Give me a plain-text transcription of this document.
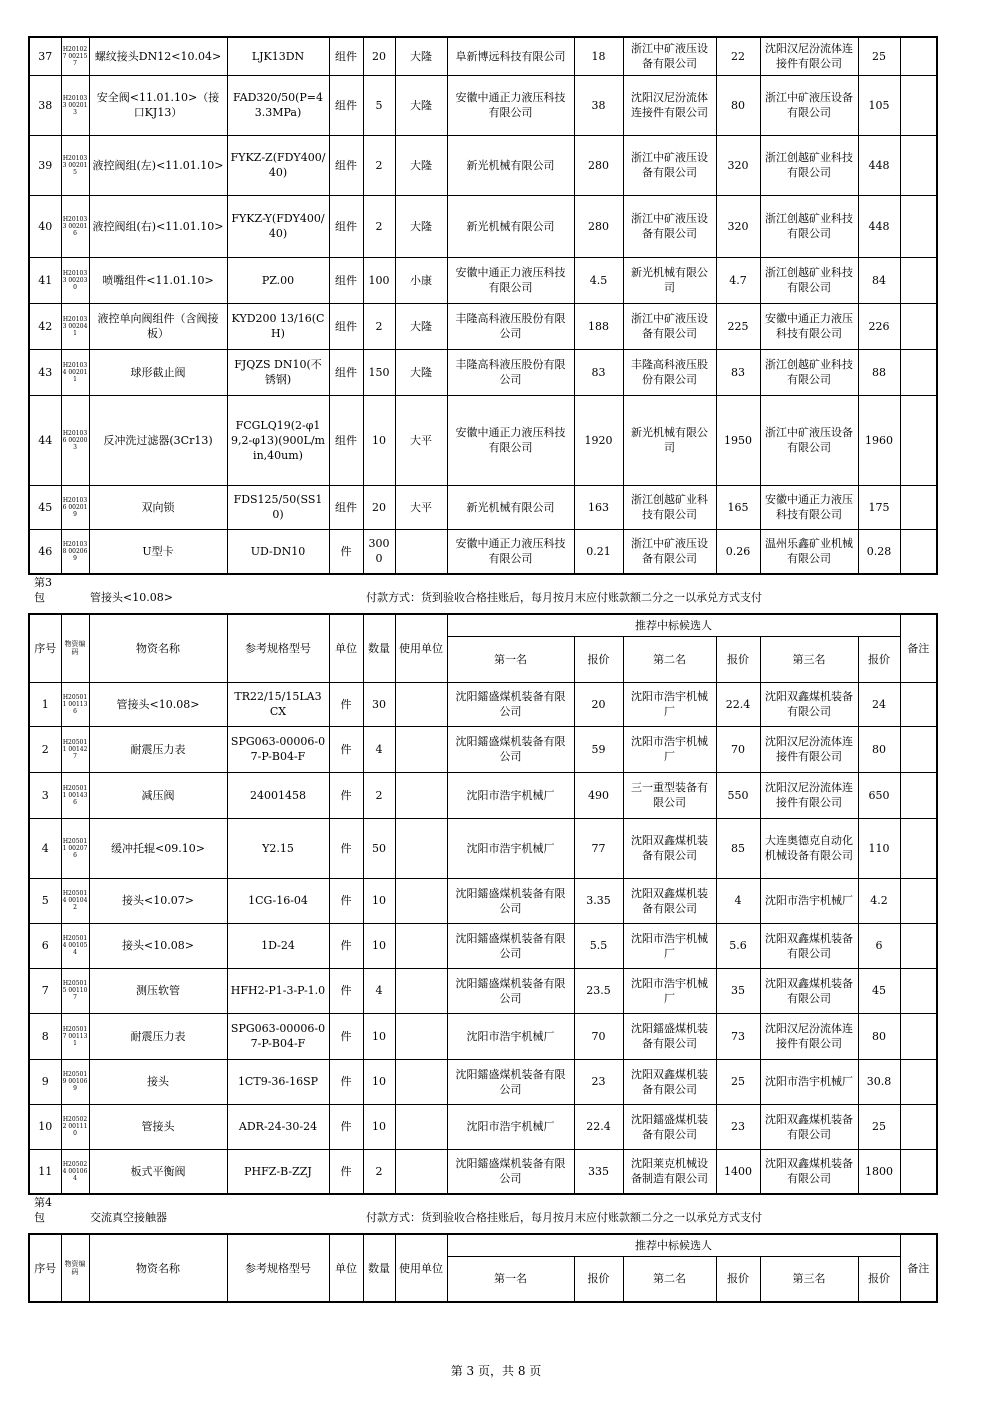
37	H201027 002157	螺纹接头DN12<10.04>	LJK13DN	组件	20	大隆	阜新博远科技有限公司	18	浙江中矿液压设备有限公司	22	沈阳汉尼汾流体连接件有限公司	25	
38	H201033 002013	安全阀<11.01.10>（接口KJ13）	FAD320/50(P=43.3MPa)	组件	5	大隆	安徽中通正力液压科技有限公司	38	沈阳汉尼汾流体连接件有限公司	80	浙江中矿液压设备有限公司	105	
39	H201033 002015	液控阀组(左)<11.01.10>	FYKZ-Z(FDY400/40)	组件	2	大隆	新光机械有限公司	280	浙江中矿液压设备有限公司	320	浙江创越矿业科技有限公司	448	
40	H201033 002016	液控阀组(右)<11.01.10>	FYKZ-Y(FDY400/40)	组件	2	大隆	新光机械有限公司	280	浙江中矿液压设备有限公司	320	浙江创越矿业科技有限公司	448	
41	H201033 002030	喷嘴组件<11.01.10>	PZ.00	组件	100	小康	安徽中通正力液压科技有限公司	4.5	新光机械有限公司	4.7	浙江创越矿业科技有限公司	84	
42	H201033 002041	液控单向阀组件（含阀接板）	KYD200 13/16(CH)	组件	2	大隆	丰隆高科液压股份有限公司	188	浙江中矿液压设备有限公司	225	安徽中通正力液压科技有限公司	226	
43	H201034 002011	球形截止阀	FJQZS DN10(不锈钢)	组件	150	大隆	丰隆高科液压股份有限公司	83	丰隆高科液压股份有限公司	83	浙江创越矿业科技有限公司	88	
44	H201036 002003	反冲洗过滤器(3Cr13)	FCGLQ19(2-φ19,2-φ13)(900L/min,40um)	组件	10	大平	安徽中通正力液压科技有限公司	1920	新光机械有限公司	1950	浙江中矿液压设备有限公司	1960	
45	H201036 002019	双向锁	FDS125/50(SS10)	组件	20	大平	新光机械有限公司	163	浙江创越矿业科技有限公司	165	安徽中通正力液压科技有限公司	175	
46	H201038 002069	U型卡	UD-DN10	件	3000		安徽中通正力液压科技有限公司	0.21	浙江中矿液压设备有限公司	0.26	温州乐鑫矿业机械有限公司	0.28	
第3包	管接头<10.08>	付款方式：货到验收合格挂账后，每月按月末应付账款额二分之一以承兑方式支付
序号	物资编码	物资名称	参考规格型号	单位	数量	使用单位	推荐中标候选人						备注
							第一名	报价	第二名	报价	第三名	报价	
1	H205011 001136	管接头<10.08>	TR22/15/15LA3CX	件	30		沈阳鐳盛煤机装备有限公司	20	沈阳市浩宇机械厂	22.4	沈阳双鑫煤机装备有限公司	24	
2	H205011 001427	耐震压力表	SPG063-00006-07-P-B04-F	件	4		沈阳鐳盛煤机装备有限公司	59	沈阳市浩宇机械厂	70	沈阳汉尼汾流体连接件有限公司	80	
3	H205011 001436	减压阀	24001458	件	2		沈阳市浩宇机械厂	490	三一重型装备有限公司	550	沈阳汉尼汾流体连接件有限公司	650	
4	H205011 002076	缓冲托辊<09.10>	Y2.15	件	50		沈阳市浩宇机械厂	77	沈阳双鑫煤机装备有限公司	85	大连奥德克自动化机械设备有限公司	110	
5	H205014 001042	接头<10.07>	1CG-16-04	件	10		沈阳鐳盛煤机装备有限公司	3.35	沈阳双鑫煤机装备有限公司	4	沈阳市浩宇机械厂	4.2	
6	H205014 001054	接头<10.08>	1D-24	件	10		沈阳鐳盛煤机装备有限公司	5.5	沈阳市浩宇机械厂	5.6	沈阳双鑫煤机装备有限公司	6	
7	H205015 001107	测压软管	HFH2-P1-3-P-1.0	件	4		沈阳鐳盛煤机装备有限公司	23.5	沈阳市浩宇机械厂	35	沈阳双鑫煤机装备有限公司	45	
8	H205017 001131	耐震压力表	SPG063-00006-07-P-B04-F	件	10		沈阳市浩宇机械厂	70	沈阳鐳盛煤机装备有限公司	73	沈阳汉尼汾流体连接件有限公司	80	
9	H205019 001069	接头	1CT9-36-16SP	件	10		沈阳鐳盛煤机装备有限公司	23	沈阳双鑫煤机装备有限公司	25	沈阳市浩宇机械厂	30.8	
10	H205022 001110	管接头	ADR-24-30-24	件	10		沈阳市浩宇机械厂	22.4	沈阳鐳盛煤机装备有限公司	23	沈阳双鑫煤机装备有限公司	25	
11	H205024 001064	板式平衡阀	PHFZ-B-ZZJ	件	2		沈阳鐳盛煤机装备有限公司	335	沈阳莱克机械设备制造有限公司	1400	沈阳双鑫煤机装备有限公司	1800	
第4包	交流真空接触器	付款方式：货到验收合格挂账后，每月按月末应付账款额二分之一以承兑方式支付
序号	物资编码	物资名称	参考规格型号	单位	数量	使用单位	推荐中标候选人						备注
							第一名	报价	第二名	报价	第三名	报价	
第 3 页，共 8 页
